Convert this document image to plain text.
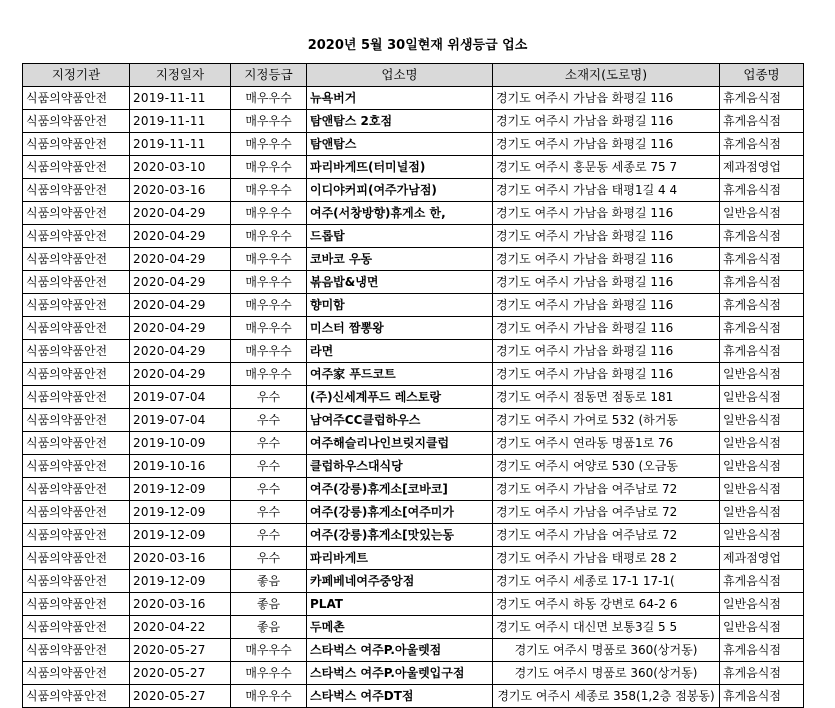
2020년 5월 30일현재 위생등급 업소
지정기관	지정일자	지정등급	업소명	소재지(도로명)	업종명
식품의약품안전	2019-11-11	매우우수	뉴욕버거	경기도 여주시 가남읍 화평길 116	휴게음식점
식품의약품안전	2019-11-11	매우우수	탐앤탐스 2호점	경기도 여주시 가남읍 화평길 116	휴게음식점
식품의약품안전	2019-11-11	매우우수	탐앤탐스	경기도 여주시 가남읍 화평길 116	휴게음식점
식품의약품안전	2020-03-10	매우우수	파리바게뜨(터미널점)	경기도 여주시 홍문동 세종로 75 7	제과점영업
식품의약품안전	2020-03-16	매우우수	이디야커피(여주가남점)	경기도 여주시 가남읍 태평1길 4 4	휴게음식점
식품의약품안전	2020-04-29	매우우수	여주(서창방향)휴게소 한,	경기도 여주시 가남읍 화평길 116	일반음식점
식품의약품안전	2020-04-29	매우우수	드롭탑	경기도 여주시 가남읍 화평길 116	휴게음식점
식품의약품안전	2020-04-29	매우우수	코바코 우동	경기도 여주시 가남읍 화평길 116	휴게음식점
식품의약품안전	2020-04-29	매우우수	볶음밥&냉면	경기도 여주시 가남읍 화평길 116	휴게음식점
식품의약품안전	2020-04-29	매우우수	향미함	경기도 여주시 가남읍 화평길 116	휴게음식점
식품의약품안전	2020-04-29	매우우수	미스터 짬뽕왕	경기도 여주시 가남읍 화평길 116	휴게음식점
식품의약품안전	2020-04-29	매우우수	라면	경기도 여주시 가남읍 화평길 116	휴게음식점
식품의약품안전	2020-04-29	매우우수	여주家 푸드코트	경기도 여주시 가남읍 화평길 116	일반음식점
식품의약품안전	2019-07-04	우수	(주)신세계푸드 레스토랑	경기도 여주시 점동면 점동로 181	일반음식점
식품의약품안전	2019-07-04	우수	남여주CC클럽하우스	경기도 여주시 가여로 532 (하거동	일반음식점
식품의약품안전	2019-10-09	우수	여주해슬리나인브릿지클럽	경기도 여주시 연라동 명품1로 76	일반음식점
식품의약품안전	2019-10-16	우수	클럽하우스대식당	경기도 여주시 여양로 530 (오금동	일반음식점
식품의약품안전	2019-12-09	우수	여주(강릉)휴게소[코바코]	경기도 여주시 가남읍 여주남로 72	일반음식점
식품의약품안전	2019-12-09	우수	여주(강릉)휴게소[여주미가	경기도 여주시 가남읍 여주남로 72	일반음식점
식품의약품안전	2019-12-09	우수	여주(강릉)휴게소[맛있는동	경기도 여주시 가남읍 여주남로 72	일반음식점
식품의약품안전	2020-03-16	우수	파리바게트	경기도 여주시 가남읍 태평로 28 2	제과점영업
식품의약품안전	2019-12-09	좋음	카페베네여주중앙점	경기도 여주시 세종로 17-1 17-1(	휴게음식점
식품의약품안전	2020-03-16	좋음	PLAT	경기도 여주시 하동 강변로 64-2 6	일반음식점
식품의약품안전	2020-04-22	좋음	두메촌	경기도 여주시 대신면 보통3길 5 5	일반음식점
식품의약품안전	2020-05-27	매우우수	스타벅스 여주P.아울렛점	경기도 여주시 명품로 360(상거동)	휴게음식점
식품의약품안전	2020-05-27	매우우수	스타벅스 여주P.아울렛입구점	경기도 여주시 명품로 360(상거동)	휴게음식점
식품의약품안전	2020-05-27	매우우수	스타벅스 여주DT점	경기도 여주시 세종로 358(1,2층 점봉동)	휴게음식점
